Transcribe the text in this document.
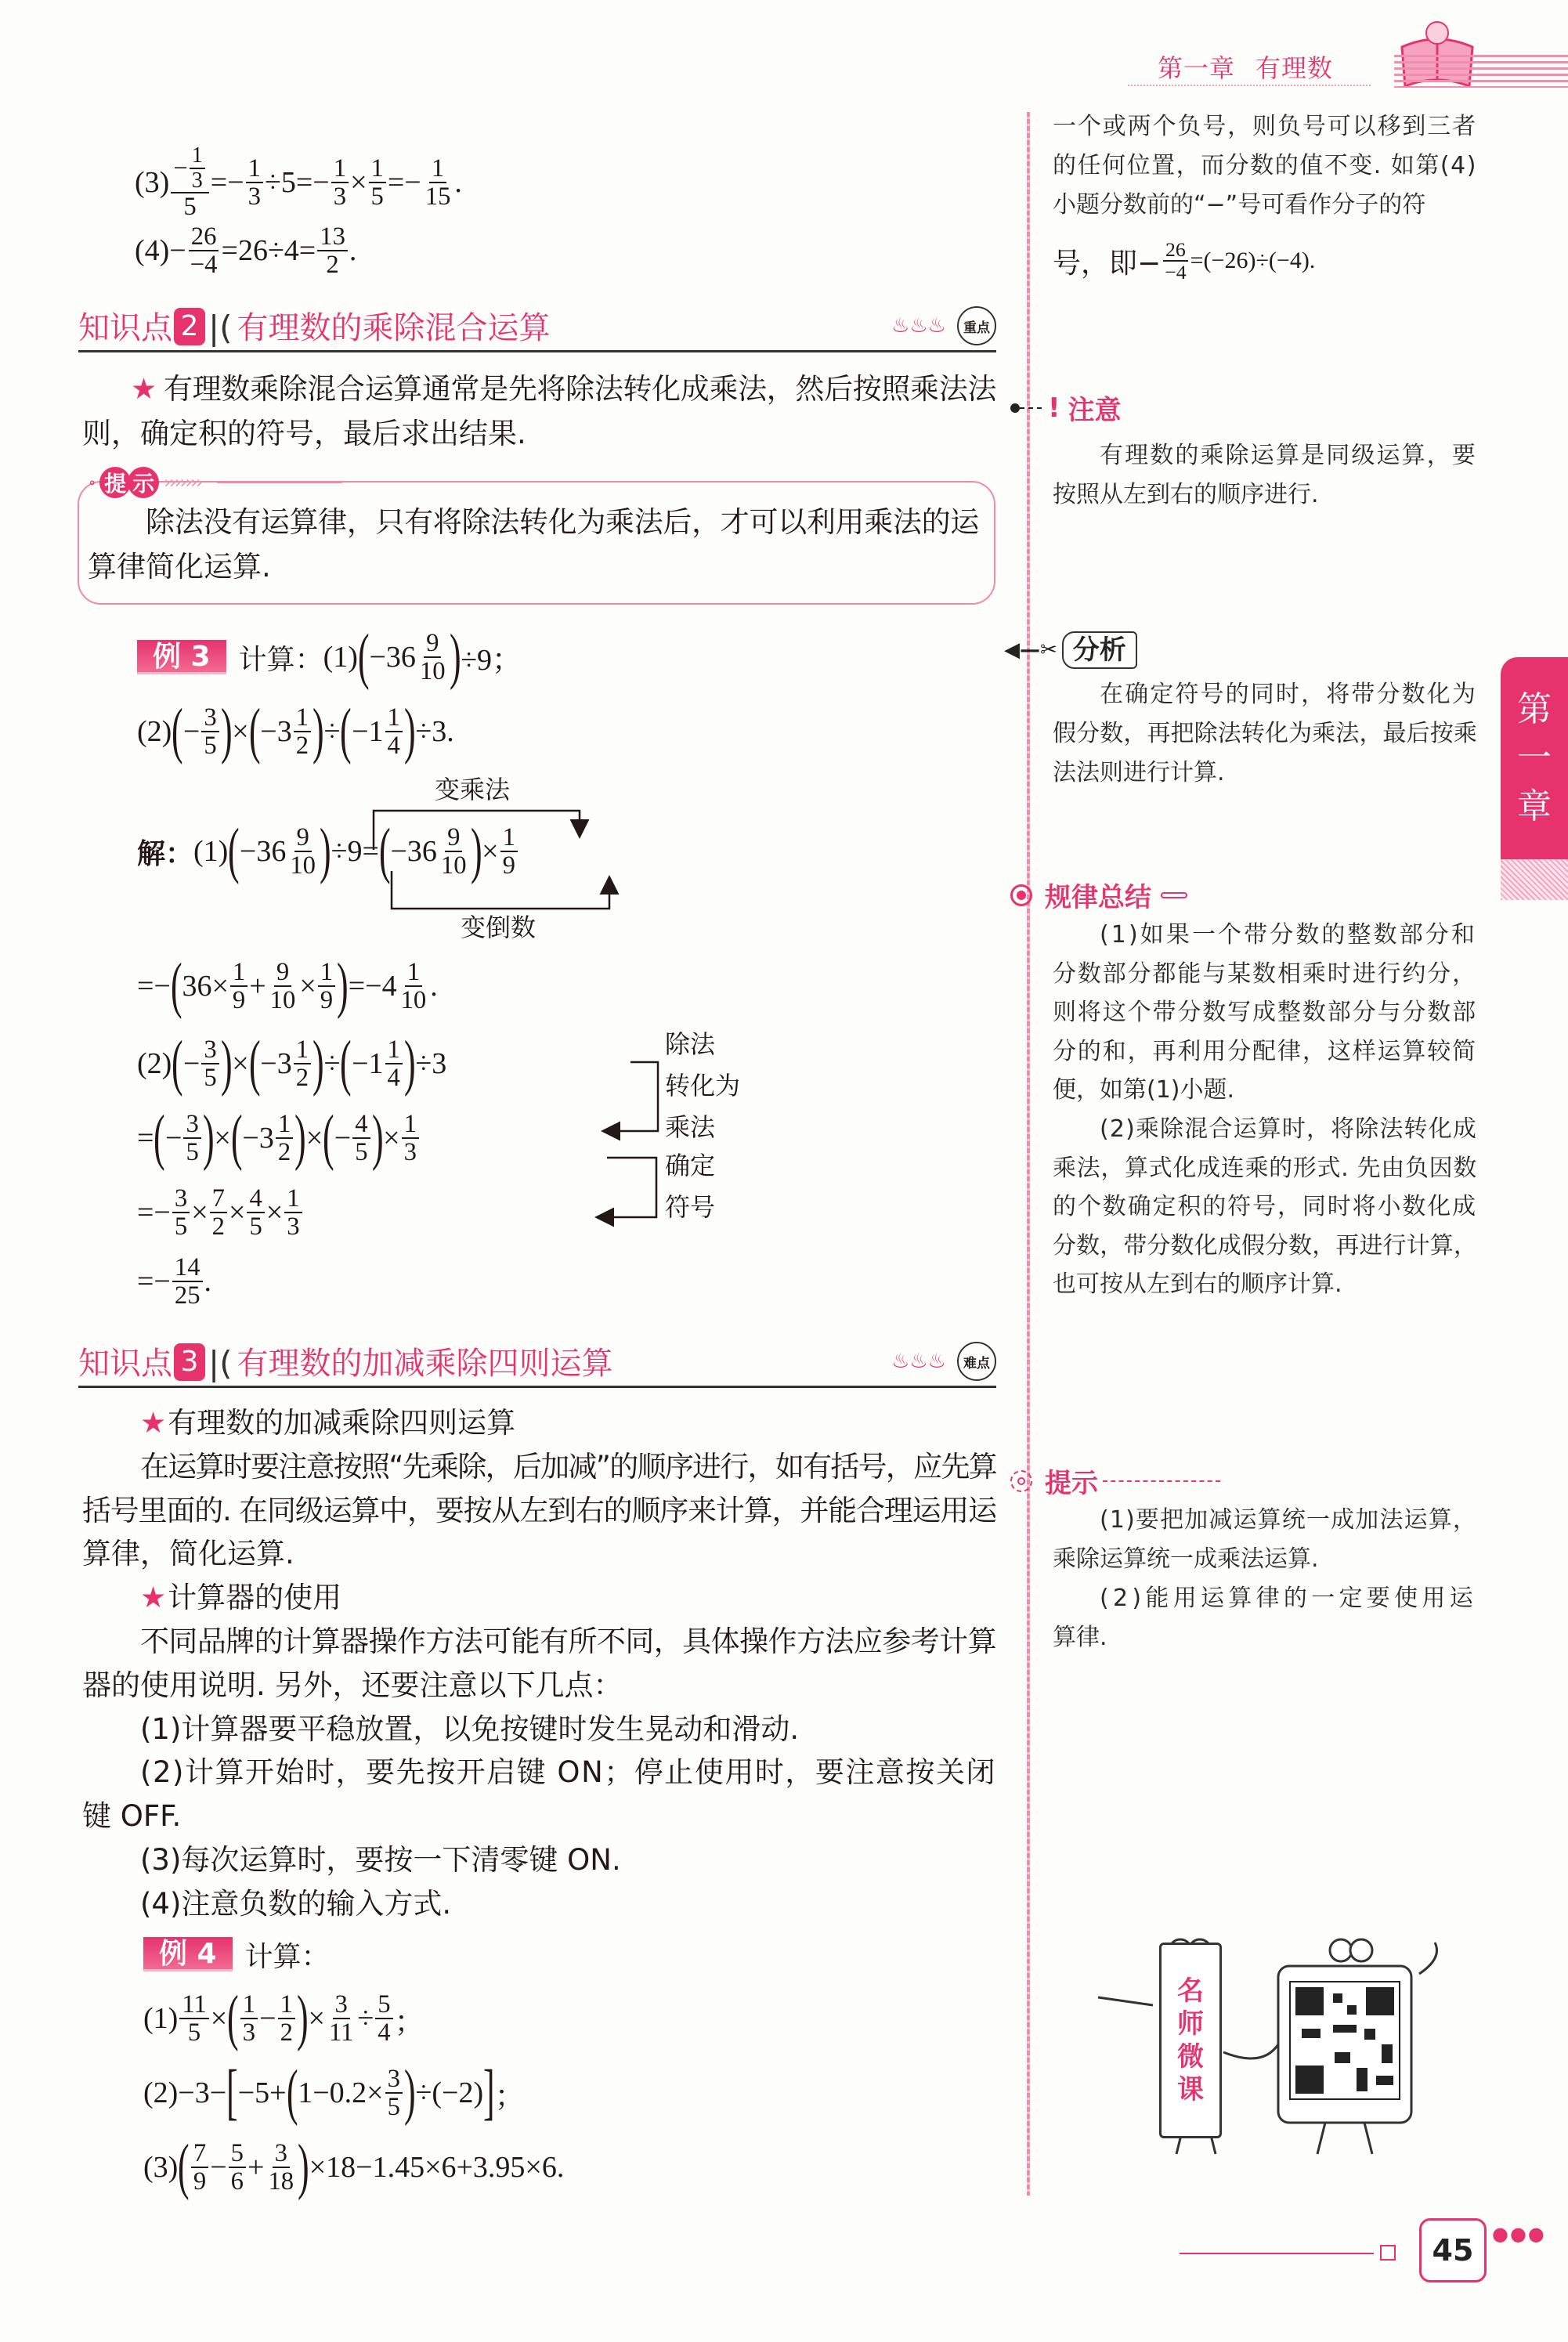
第一章 有理数
第
一
章
$(3) \frac{- \frac{1}{3}}{5} =- \frac{1}{3} \div 5=- \frac{1}{3} \times \frac{1}{5} =- \frac{1}{15}$ .
$(4)- \frac{26}{-4} =26\div 4= \frac{13}{2}$ .
知识点 2 |( 有理数的乘除混合运算	♨♨♨	重点
★ 有理数乘除混合运算通常是先将除法转化成乘法，然后按照乘法法
则，确定积的符号，最后求出结果.
∘ 提 示 ›››››››
除法没有运算律，只有将除法转化为乘法后，才可以利用乘法的运
算律简化运算.
例 3	计算： (1) ( $-36 \frac{9}{10}$ ) ÷9；
(2) ( − $\frac{3}{5}$ ) × ( $-3 \frac{1}{2}$ ) ÷ ( $-1 \frac{1}{4}$ ) ÷3.
变乘法
解： (1) ( $-36 \frac{9}{10}$ ) ÷9= ( $-36 \frac{9}{10}$ ) × $\frac{1}{9}$
变倒数
=− ( $36\times \frac{1}{9} + \frac{9}{10} \times \frac{1}{9}$ ) $=-4 \frac{1}{10}$ .
(2) ( − $\frac{3}{5}$ ) × ( $-3 \frac{1}{2}$ ) ÷ ( $-1 \frac{1}{4}$ ) ÷3
= ( − $\frac{3}{5}$ ) × ( $-3 \frac{1}{2}$ ) × ( − $\frac{4}{5}$ ) × $\frac{1}{3}$
=− $\frac{3}{5} \times \frac{7}{2} \times \frac{4}{5} \times \frac{1}{3}$
=− $\frac{14}{25}$ .
除法
转化为
乘法
确定
符号
知识点 3 |( 有理数的加减乘除四则运算	♨♨♨	难点
★有理数的加减乘除四则运算
在运算时要注意按照“先乘除，后加减”的顺序进行，如有括号，应先算
括号里面的. 在同级运算中，要按从左到右的顺序来计算，并能合理运用运
算律，简化运算.
★计算器的使用
不同品牌的计算器操作方法可能有所不同，具体操作方法应参考计算
器的使用说明. 另外，还要注意以下几点：
(1)计算器要平稳放置，以免按键时发生晃动和滑动.
(2)计算开始时，要先按开启键 ON；停止使用时，要注意按关闭
键 OFF.
(3)每次运算时，要按一下清零键 ON.
(4)注意负数的输入方式.
例 4	计算：
$(1) \frac{11}{5}$ × ( $\frac{1}{3} - \frac{1}{2}$ ) × $\frac{3}{11} \div \frac{5}{4}$ ；
(2)−3− [ −5+ ( $1-0.2\times \frac{3}{5}$ ) ÷(−2) ] ；
(3) ( $\frac{7}{9} - \frac{5}{6} + \frac{3}{18}$ ) ×18−1.45×6+3.95×6.
一个或两个负号，则负号可以移到三者
的任何位置，而分数的值不变. 如第(4)
小题分数前的“−”号可看作分子的符
号，即− $\frac{26}{-4} =(-26)\div(-4)$.
! 注意
有理数的乘除运算是同级运算，要
按照从左到右的顺序进行.
◀—✂ 分析
在确定符号的同时，将带分数化为
假分数，再把除法转化为乘法，最后按乘
法法则进行计算.
规律总结
(1)如果一个带分数的整数部分和
分数部分都能与某数相乘时进行约分，
则将这个带分数写成整数部分与分数部
分的和，再利用分配律，这样运算较简
便，如第(1)小题.
(2)乘除混合运算时，将除法转化成
乘法，算式化成连乘的形式. 先由负因数
的个数确定积的符号，同时将小数化成
分数，带分数化成假分数，再进行计算，
也可按从左到右的顺序计算.
提示
(1)要把加减运算统一成加法运算，
乘除运算统一成乘法运算.
(2)能用运算律的一定要使用运
算律.
名
师
微
课
45 ●●●
